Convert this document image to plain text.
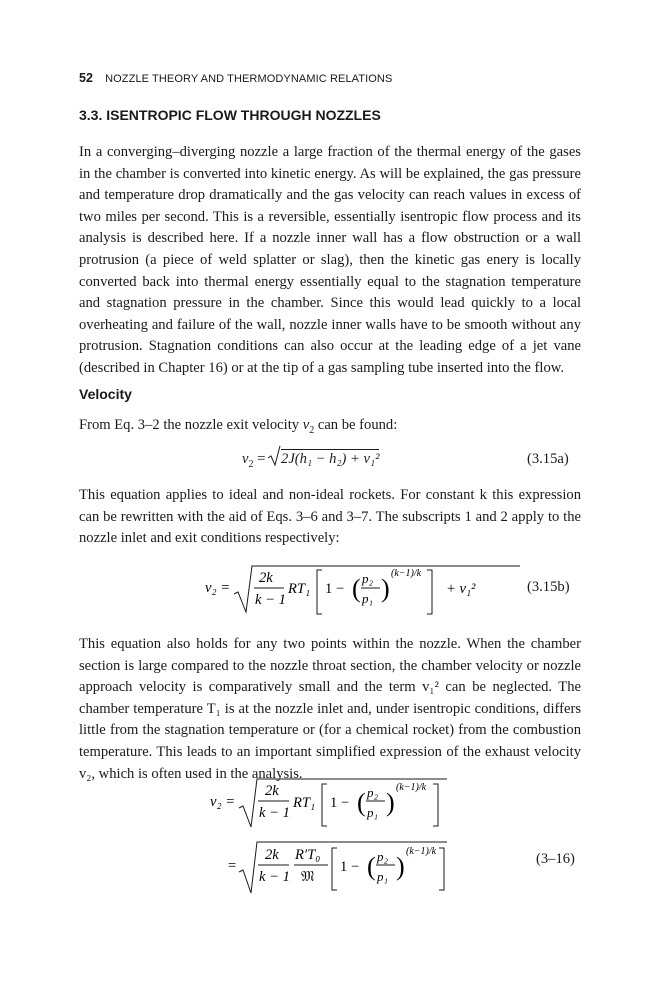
52 NOZZLE THEORY AND THERMODYNAMIC RELATIONS
3.3. ISENTROPIC FLOW THROUGH NOZZLES

In a converging–diverging nozzle a large fraction of the thermal energy of the gases in the chamber is converted into kinetic energy. As will be explained, the gas pressure and temperature drop dramatically and the gas velocity can reach values in excess of two miles per second. This is a reversible, essentially isentropic flow process and its analysis is described here. If a nozzle inner wall has a flow obstruction or a wall protrusion (a piece of weld splatter or slag), then the kinetic gas enery is locally converted back into thermal energy essentially equal to the stagnation temperature and stagnation pressure in the chamber. Since this would lead quickly to a local overheating and failure of the wall, nozzle inner walls have to be smooth without any protrusion. Stagnation conditions can also occur at the leading edge of a jet vane (described in Chapter 16) or at the tip of a gas sampling tube inserted into the flow.

Velocity

From Eq. 3–2 the nozzle exit velocity $v_2$ can be found:

$v_2$ =
2J(h₁ − h₂) + v₁²	(3.15a)

This equation applies to ideal and non-ideal rockets. For constant k this expression can be rewritten with the aid of Eqs. 3–6 and 3–7. The subscripts 1 and 2 apply to the nozzle inlet and exit conditions respectively:

v₂ =
2k
k − 1
RT₁ 1 − ( p₂
p₁ )
(k−1)/k
+ v₁²	(3.15b)

This equation also holds for any two points within the nozzle. When the chamber section is large compared to the nozzle throat section, the chamber velocity or nozzle approach velocity is comparatively small and the term v₁² can be neglected. The chamber temperature T₁ is at the nozzle inlet and, under isentropic conditions, differs little from the stagnation temperature or (for a chemical rocket) from the combustion temperature. This leads to an important simplified expression of the exhaust velocity v₂, which is often used in the analysis.

v₂ =
2k
k − 1
RT₁ 1 − ( p₂
p₁ )
(k−1)/k
=
2k
k − 1
R′T₀
𝔐
1 − ( p₂
p₁ )
(k−1)/k	(3–16)
